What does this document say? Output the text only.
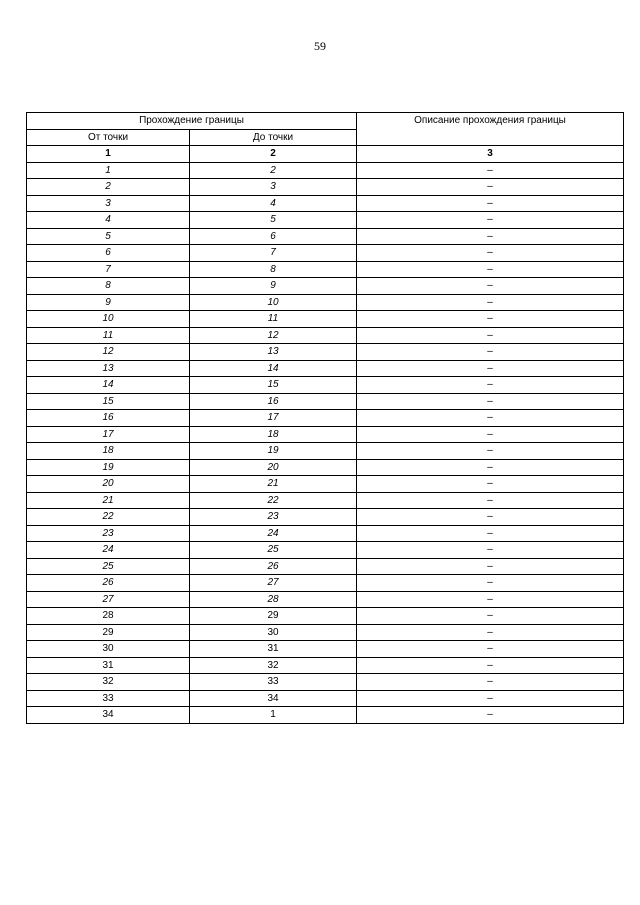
59
Прохождение границы		Описание прохождения границы
От точки	До точки	
1	2	3
1	2	–
2	3	–
3	4	–
4	5	–
5	6	–
6	7	–
7	8	–
8	9	–
9	10	–
10	11	–
11	12	–
12	13	–
13	14	–
14	15	–
15	16	–
16	17	–
17	18	–
18	19	–
19	20	–
20	21	–
21	22	–
22	23	–
23	24	–
24	25	–
25	26	–
26	27	–
27	28	–
28	29	–
29	30	–
30	31	–
31	32	–
32	33	–
33	34	–
34	1	–
